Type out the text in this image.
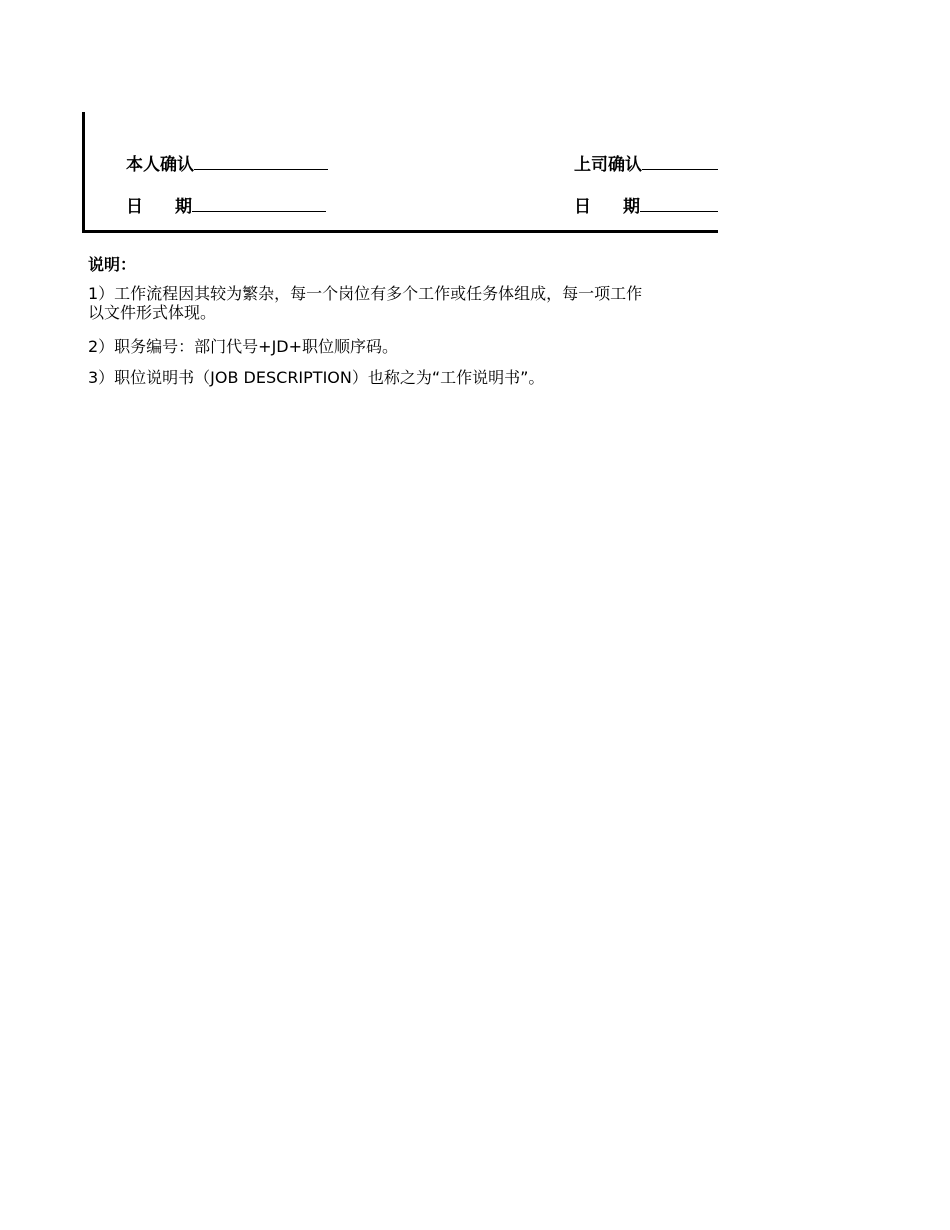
本人确认
日 期
上司确认
日 期
说明：
1）工作流程因其较为繁杂，每一个岗位有多个工作或任务体组成，每一项工作
以文件形式体现。
2）职务编号：部门代号+JD+职位顺序码。
3）职位说明书（JOB DESCRIPTION）也称之为“工作说明书”。
